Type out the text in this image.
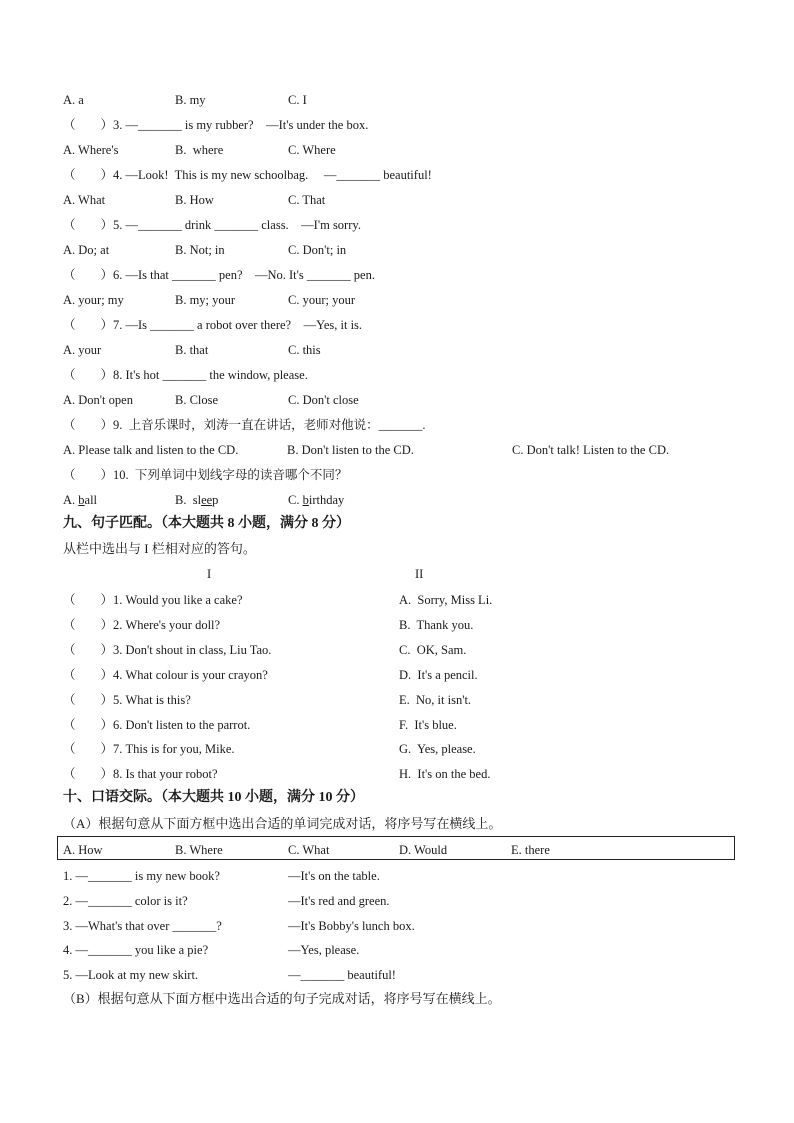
A. a	B. my	C. I
（        ）3. —_______ is my rubber?    —It's under the box.
A. Where's	B.  where	C. Where
（        ）4. —Look!  This is my new schoolbag.     —_______ beautiful!
A. What	B. How	C. That
（        ）5. —_______ drink _______ class.    —I'm sorry.
A. Do; at	B. Not; in	C. Don't; in
（        ）6. —Is that _______ pen?    —No. It's _______ pen.
A. your; my	B. my; your	C. your; your
（        ）7. —Is _______ a robot over there?    —Yes, it is.
A. your	B. that	C. this
（        ）8. It's hot _______ the window, please.
A. Don't open	B. Close	C. Don't close
（        ）9.  上音乐课时，刘涛一直在讲话，老师对他说：_______.
A. Please talk and listen to the CD.	B. Don't listen to the CD.	C. Don't talk! Listen to the CD.
（        ）10.  下列单词中划线字母的读音哪个不同？
A. ball	B.  sleep	C. birthday
九、句子匹配。（本大题共 8 小题，满分 8 分）
从栏中选出与 I 栏相对应的答句。
I	II
（        ）1. Would you like a cake?	A.  Sorry, Miss Li.
（        ）2. Where's your doll?	B.  Thank you.
（        ）3. Don't shout in class, Liu Tao.	C.  OK, Sam.
（        ）4. What colour is your crayon?	D.  It's a pencil.
（        ）5. What is this?	E.  No, it isn't.
（        ）6. Don't listen to the parrot.	F.  It's blue.
（        ）7. This is for you, Mike.	G.  Yes, please.
（        ）8. Is that your robot?	H.  It's on the bed.
十、口语交际。（本大题共 10 小题，满分 10 分）
（A）根据句意从下面方框中选出合适的单词完成对话，将序号写在横线上。
A. How	B. Where	C. What	D. Would	E. there
1. —_______ is my new book?	—It's on the table.
2. —_______ color is it?	—It's red and green.
3. —What's that over _______?	—It's Bobby's lunch box.
4. —_______ you like a pie?	—Yes, please.
5. —Look at my new skirt.	—_______ beautiful!
（B）根据句意从下面方框中选出合适的句子完成对话，将序号写在横线上。
